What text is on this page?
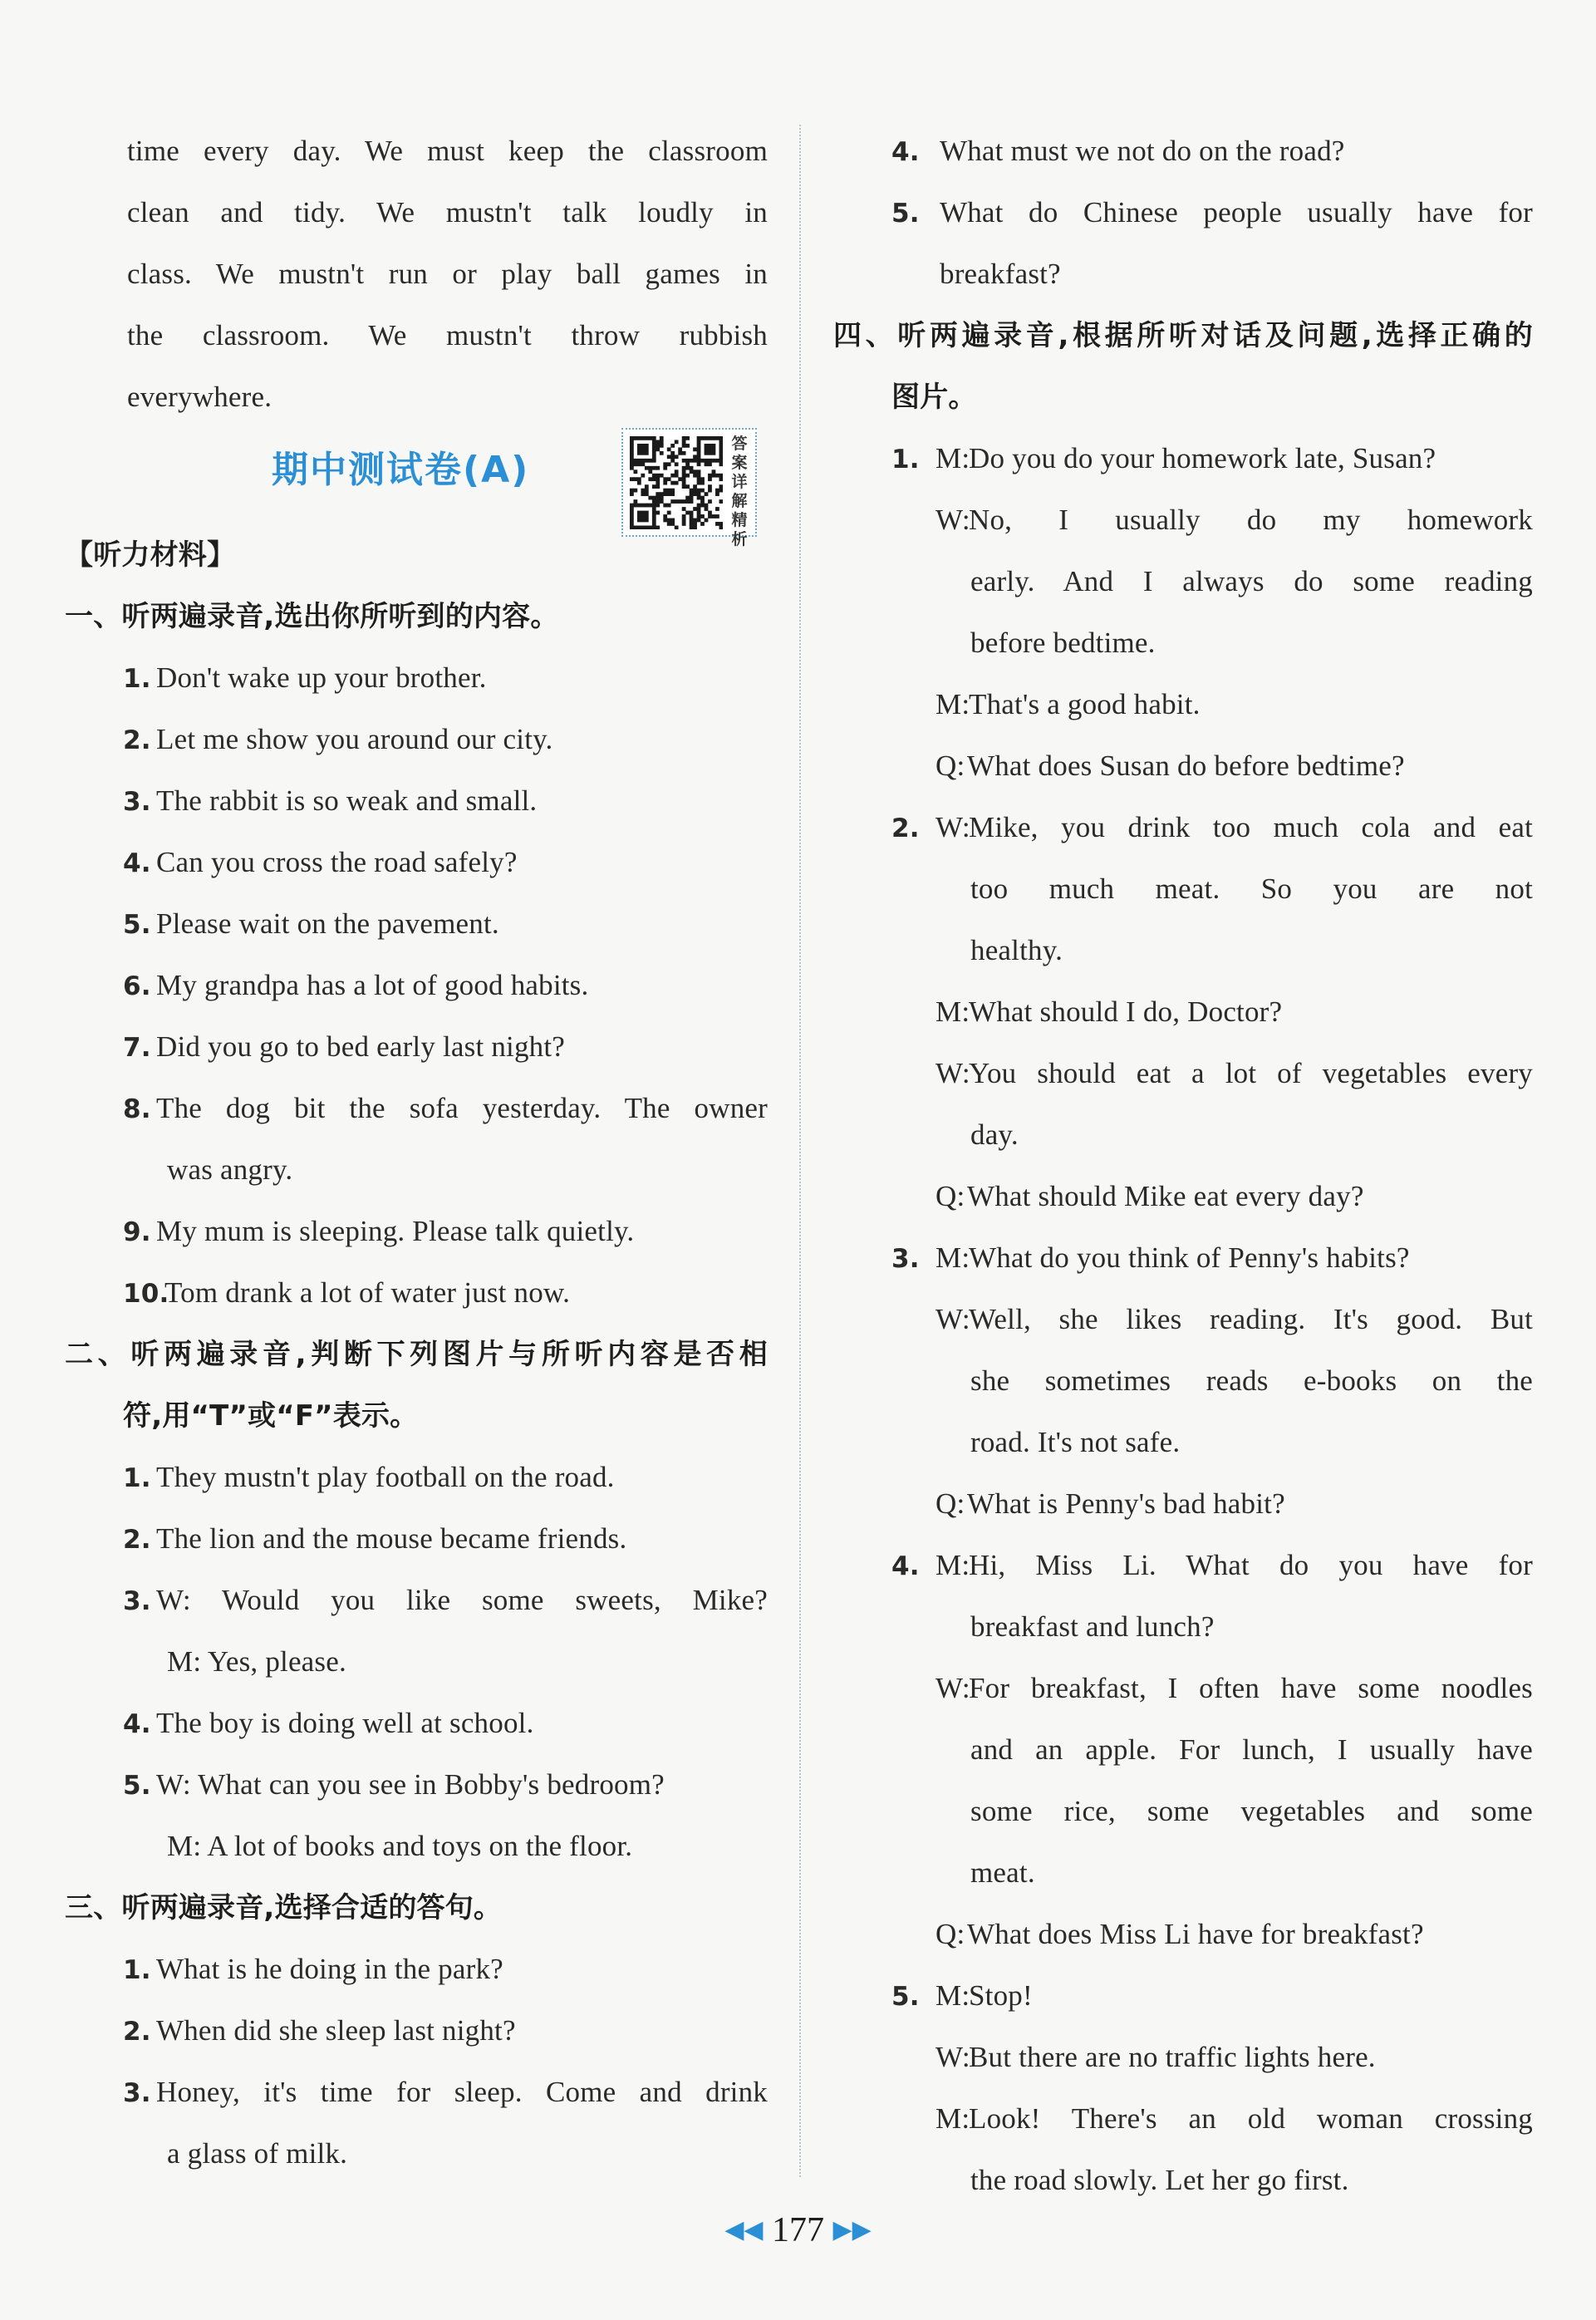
time every day. We must keep the classroom
clean and tidy. We mustn't talk loudly in
class. We mustn't run or play ball games in
the classroom. We mustn't throw rubbish
everywhere.
期中测试卷(A)
答案详解精析
【听力材料】
一、听两遍录音,选出你所听到的内容。
1. Don't wake up your brother.
2. Let me show you around our city.
3. The rabbit is so weak and small.
4. Can you cross the road safely?
5. Please wait on the pavement.
6. My grandpa has a lot of good habits.
7. Did you go to bed early last night?
8. The dog bit the sofa yesterday. The owner
was angry.
9. My mum is sleeping. Please talk quietly.
10.Tom drank a lot of water just now.
二、听两遍录音,判断下列图片与所听内容是否相
符,用“T”或“F”表示。
1. They mustn't play football on the road.
2. The lion and the mouse became friends.
3. W: Would you like some sweets, Mike?
M: Yes, please.
4. The boy is doing well at school.
5. W: What can you see in Bobby's bedroom?
M: A lot of books and toys on the floor.
三、听两遍录音,选择合适的答句。
1. What is he doing in the park?
2. When did she sleep last night?
3. Honey, it's time for sleep. Come and drink
a glass of milk.
4. What must we not do on the road?
5. What do Chinese people usually have for
breakfast?
四、听两遍录音,根据所听对话及问题,选择正确的
图片。
1. M:Do you do your homework late, Susan?
W:No, I usually do my homework
early. And I always do some reading
before bedtime.
M:That's a good habit.
Q:What does Susan do before bedtime?
2. W:Mike, you drink too much cola and eat
too much meat. So you are not
healthy.
M:What should I do, Doctor?
W:You should eat a lot of vegetables every
day.
Q:What should Mike eat every day?
3. M:What do you think of Penny's habits?
W:Well, she likes reading. It's good. But
she sometimes reads e-books on the
road. It's not safe.
Q:What is Penny's bad habit?
4. M:Hi, Miss Li. What do you have for
breakfast and lunch?
W:For breakfast, I often have some noodles
and an apple. For lunch, I usually have
some rice, some vegetables and some
meat.
Q:What does Miss Li have for breakfast?
5. M:Stop!
W:But there are no traffic lights here.
M:Look! There's an old woman crossing
the road slowly. Let her go first.
◀◀ 177 ▶▶
